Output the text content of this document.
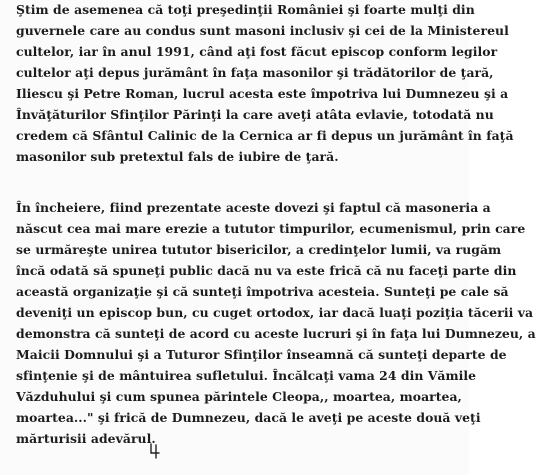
Ştim de asemenea că toţi preşedinţii României şi foarte mulţi din
guvernele care au condus sunt masoni inclusiv şi cei de la Ministereul
cultelor, iar în anul 1991, când aţi fost făcut episcop conform legilor
cultelor aţi depus jurământ în faţa masonilor şi trădătorilor de ţară,
Iliescu şi Petre Roman, lucrul acesta este împotriva lui Dumnezeu şi a
Învăţăturilor Sfinţilor Părinţi la care aveţi atâta evlavie, totodată nu
credem că Sfântul Calinic de la Cernica ar fi depus un jurământ în faţă
masonilor sub pretextul fals de iubire de ţară.
În încheiere, fiind prezentate aceste dovezi şi faptul că masoneria a
născut cea mai mare erezie a tututor timpurilor, ecumenismul, prin care
se urmăreşte unirea tututor bisericilor, a credinţelor lumii, va rugăm
încă odată să spuneţi public dacă nu va este frică că nu faceţi parte din
această organizaţie şi că sunteţi împotriva acesteia. Sunteţi pe cale să
deveniţi un episcop bun, cu cuget ortodox, iar dacă luaţi poziţia tăcerii va
demonstra că sunteţi de acord cu aceste lucruri şi în faţa lui Dumnezeu, a
Maicii Domnului şi a Tuturor Sfinţilor înseamnă că sunteţi departe de
sfinţenie şi de mântuirea sufletului. Încălcaţi vama 24 din Vămile
Văzduhului şi cum spunea părintele Cleopa,, moartea, moartea,
moartea..." şi frică de Dumnezeu, dacă le aveţi pe aceste două veţi
mărturisii adevărul.
